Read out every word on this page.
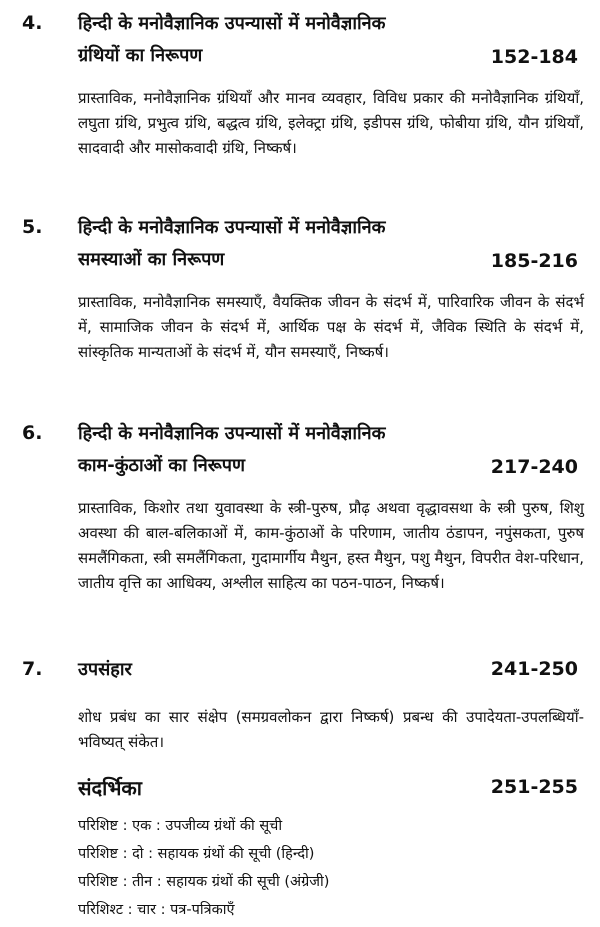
4. हिन्दी के मनोवैज्ञानिक उपन्यासों में मनोवैज्ञानिक
ग्रंथियों का निरूपण	152-184
प्रास्ताविक, मनोवैज्ञानिक ग्रंथियाँ और मानव व्यवहार, विविध प्रकार की मनोवैज्ञानिक ग्रंथियाँ, लघुता ग्रंथि, प्रभुत्व ग्रंथि, बद्धत्व ग्रंथि, इलेक्ट्रा ग्रंथि, इडीपस ग्रंथि, फोबीया ग्रंथि, यौन ग्रंथियाँ, सादवादी और मासोकवादी ग्रंथि, निष्कर्ष।
5. हिन्दी के मनोवैज्ञानिक उपन्यासों में मनोवैज्ञानिक
समस्याओं का निरूपण	185-216
प्रास्ताविक, मनोवैज्ञानिक समस्याएँ, वैयक्तिक जीवन के संदर्भ में, पारिवारिक जीवन के संदर्भ में, सामाजिक जीवन के संदर्भ में, आर्थिक पक्ष के संदर्भ में, जैविक स्थिति के संदर्भ में, सांस्कृतिक मान्यताओं के संदर्भ में, यौन समस्याएँ, निष्कर्ष।
6. हिन्दी के मनोवैज्ञानिक उपन्यासों में मनोवैज्ञानिक
काम-कुंठाओं का निरूपण	217-240
प्रास्ताविक, किशोर तथा युवावस्था के स्त्री-पुरुष, प्रौढ़ अथवा वृद्धावसथा के स्त्री पुरुष, शिशु अवस्था की बाल-बलिकाओं में, काम-कुंठाओं के परिणाम, जातीय ठंडापन, नपुंसकता, पुरुष समलैंगिकता, स्त्री समलैंगिकता, गुदामार्गीय मैथुन, हस्त मैथुन, पशु मैथुन, विपरीत वेश-परिधान, जातीय वृत्ति का आधिक्य, अश्लील साहित्य का पठन-पाठन, निष्कर्ष।
7. उपसंहार	241-250
शोध प्रबंध का सार संक्षेप (समग्रवलोकन द्वारा निष्कर्ष) प्रबन्ध की उपादेयता-उपलब्धियाँ-भविष्यत् संकेत।
संदर्भिका	251-255
परिशिष्ट : एक : उपजीव्य ग्रंथों की सूची
परिशिष्ट : दो : सहायक ग्रंथों की सूची (हिन्दी)
परिशिष्ट : तीन : सहायक ग्रंथों की सूची (अंग्रेजी)
परिशिश्ट : चार : पत्र-पत्रिकाएँ
